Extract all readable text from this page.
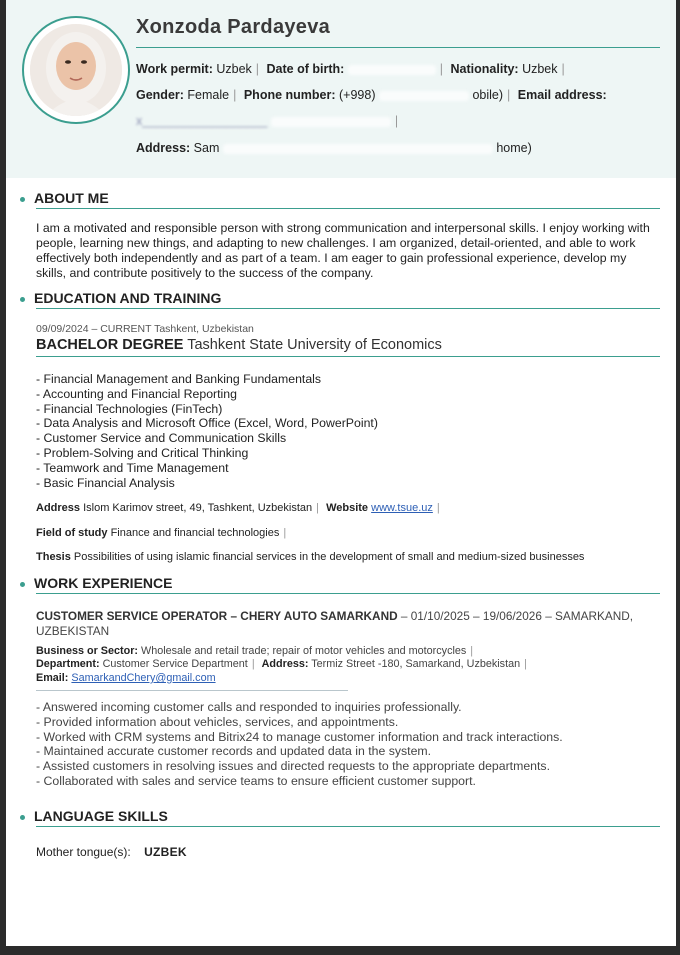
Xonzoda Pardayeva
Work permit: Uzbek | Date of birth:	| Nationality: Uzbek |
Gender: Female | Phone number: (+998)	obile) | Email address:
x__________________	|
Address: Sam	home)
ABOUT ME
I am a motivated and responsible person with strong communication and interpersonal skills. I enjoy working with people, learning new things, and adapting to new challenges. I am organized, detail-oriented, and able to work effectively both independently and as part of a team. I am eager to gain professional experience, develop my skills, and contribute positively to the success of the company.
EDUCATION AND TRAINING
09/09/2024 – CURRENT Tashkent, Uzbekistan
BACHELOR DEGREE Tashkent State University of Economics
- Financial Management and Banking Fundamentals
- Accounting and Financial Reporting
- Financial Technologies (FinTech)
- Data Analysis and Microsoft Office (Excel, Word, PowerPoint)
- Customer Service and Communication Skills
- Problem-Solving and Critical Thinking
- Teamwork and Time Management
- Basic Financial Analysis
Address Islom Karimov street, 49, Tashkent, Uzbekistan | Website www.tsue.uz |
Field of study Finance and financial technologies |
Thesis Possibilities of using islamic financial services in the development of small and medium-sized businesses
WORK EXPERIENCE
CUSTOMER SERVICE OPERATOR – CHERY AUTO SAMARKAND – 01/10/2025 – 19/06/2026 – SAMARKAND,
UZBEKISTAN
Business or Sector: Wholesale and retail trade; repair of motor vehicles and motorcycles |
Department: Customer Service Department | Address: Termiz Street -180, Samarkand, Uzbekistan |
Email: SamarkandChery@gmail.com
- Answered incoming customer calls and responded to inquiries professionally.
- Provided information about vehicles, services, and appointments.
- Worked with CRM systems and Bitrix24 to manage customer information and track interactions.
- Maintained accurate customer records and updated data in the system.
- Assisted customers in resolving issues and directed requests to the appropriate departments.
- Collaborated with sales and service teams to ensure efficient customer support.
LANGUAGE SKILLS
Mother tongue(s): UZBEK
